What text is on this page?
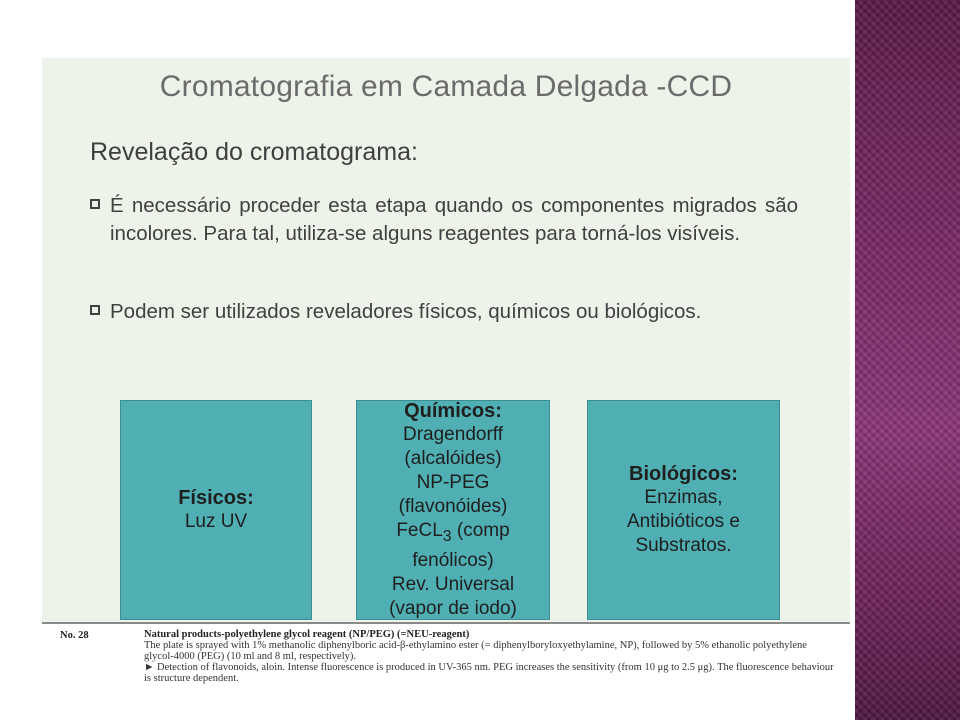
Cromatografia em Camada Delgada -CCD
Revelação do cromatograma:
É necessário proceder esta etapa quando os componentes migrados são incolores. Para tal, utiliza-se alguns reagentes para torná-los visíveis.
Podem ser utilizados reveladores físicos, químicos ou biológicos.
Físicos:
Luz UV
Químicos:
Dragendorff
(alcalóides)
NP-PEG
(flavonóides)
FeCL$_3$ (comp
fenólicos)
Rev. Universal
(vapor de iodo)
Biológicos:
Enzimas,
Antibióticos e
Substratos.
No. 28	Natural products-polyethylene glycol reagent (NP/PEG) (=NEU-reagent)
The plate is sprayed with 1% methanolic diphenylboric acid-β-ethylamino ester (= diphenylboryloxyethylamine, NP), followed by 5% ethanolic polyethylene glycol-4000 (PEG) (10 ml and 8 ml, respectively).
► Detection of flavonoids, aloin. Intense fluorescence is produced in UV-365 nm. PEG increases the sensitivity (from 10 μg to 2.5 μg). The fluorescence behaviour is structure dependent.
